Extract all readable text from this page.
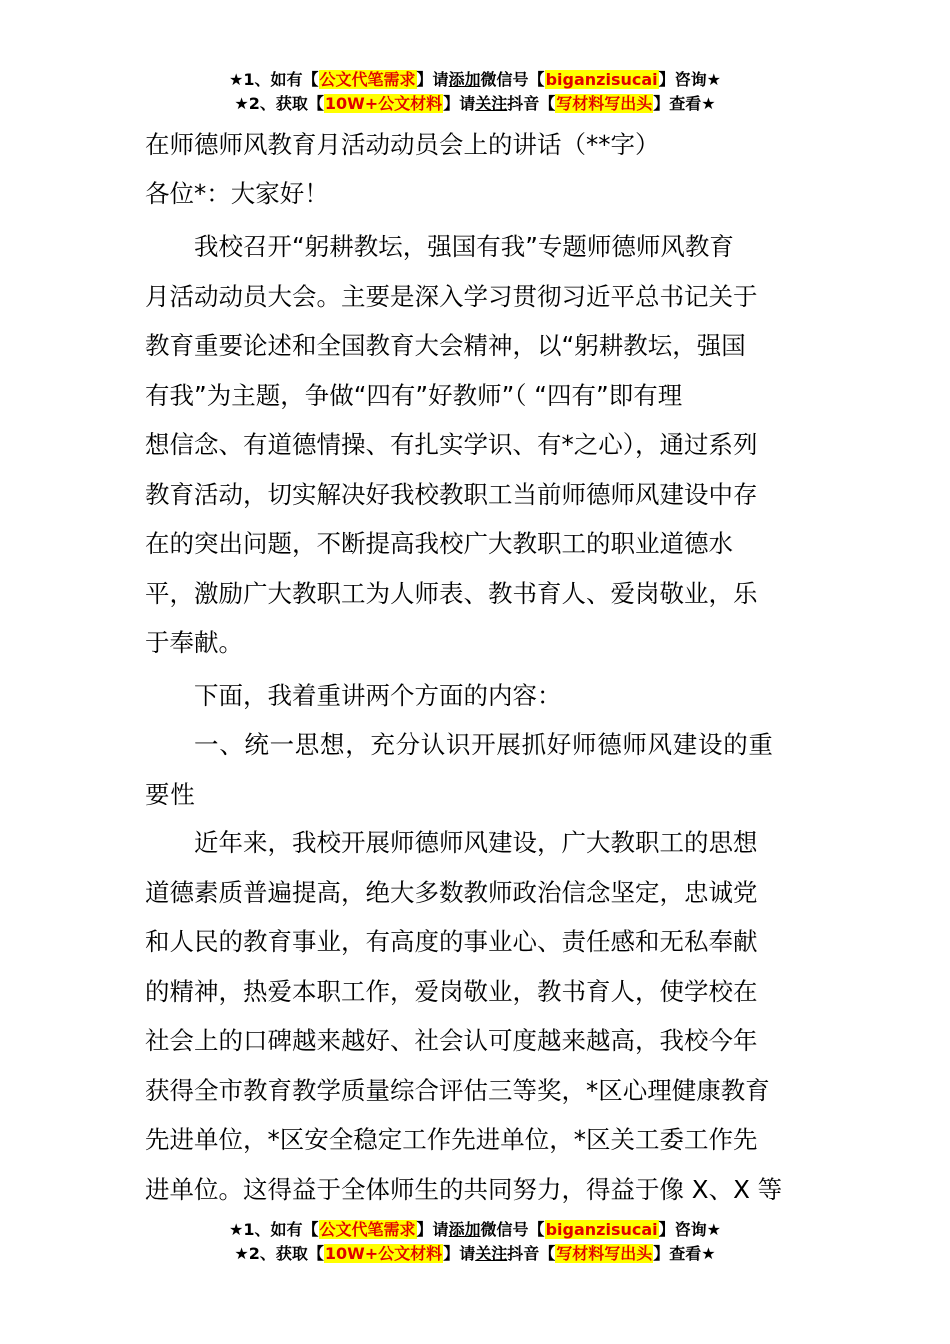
★1、如有【公文代笔需求】请添加微信号【biganzisucai】咨询★
★2、获取【10W+公文材料】请关注抖音【写材料写出头】查看★
在师德师风教育月活动动员会上的讲话（**字）
各位*：大家好！
我校召开“躬耕教坛，强国有我”专题师德师风教育
月活动动员大会。主要是深入学习贯彻习近平总书记关于
教育重要论述和全国教育大会精神，以“躬耕教坛，强国
有我”为主题，争做“四有”好教师”（ “四有”即有理
想信念、有道德情操、有扎实学识、有*之心），通过系列
教育活动，切实解决好我校教职工当前师德师风建设中存
在的突出问题，不断提高我校广大教职工的职业道德水
平，激励广大教职工为人师表、教书育人、爱岗敬业，乐
于奉献。
下面，我着重讲两个方面的内容：
一、统一思想，充分认识开展抓好师德师风建设的重
要性
近年来，我校开展师德师风建设，广大教职工的思想
道德素质普遍提高，绝大多数教师政治信念坚定，忠诚党
和人民的教育事业，有高度的事业心、责任感和无私奉献
的精神，热爱本职工作，爱岗敬业，教书育人，使学校在
社会上的口碑越来越好、社会认可度越来越高，我校今年
获得全市教育教学质量综合评估三等奖，*区心理健康教育
先进单位，*区安全稳定工作先进单位，*区关工委工作先
进单位。这得益于全体师生的共同努力，得益于像 X、X 等
★1、如有【公文代笔需求】请添加微信号【biganzisucai】咨询★
★2、获取【10W+公文材料】请关注抖音【写材料写出头】查看★
